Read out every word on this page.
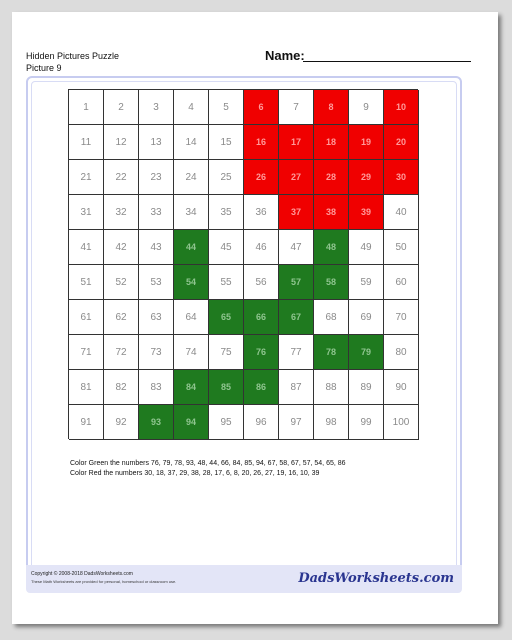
Hidden Pictures Puzzle
Picture 9
Name:
1	2	3	4	5	6	7	8	9	10
11	12	13	14	15	16	17	18	19	20
21	22	23	24	25	26	27	28	29	30
31	32	33	34	35	36	37	38	39	40
41	42	43	44	45	46	47	48	49	50
51	52	53	54	55	56	57	58	59	60
61	62	63	64	65	66	67	68	69	70
71	72	73	74	75	76	77	78	79	80
81	82	83	84	85	86	87	88	89	90
91	92	93	94	95	96	97	98	99	100
Color Green the numbers 76, 79, 78, 93, 48, 44, 66, 84, 85, 94, 67, 58, 67, 57, 54, 65, 86
Color Red the numbers 30, 18, 37, 29, 38, 28, 17, 6, 8, 20, 26, 27, 19, 16, 10, 39
Copyright © 2008-2018 DadsWorksheets.com
These Math Worksheets are provided for personal, homeschool or classroom use.	DadsWorksheets.com
